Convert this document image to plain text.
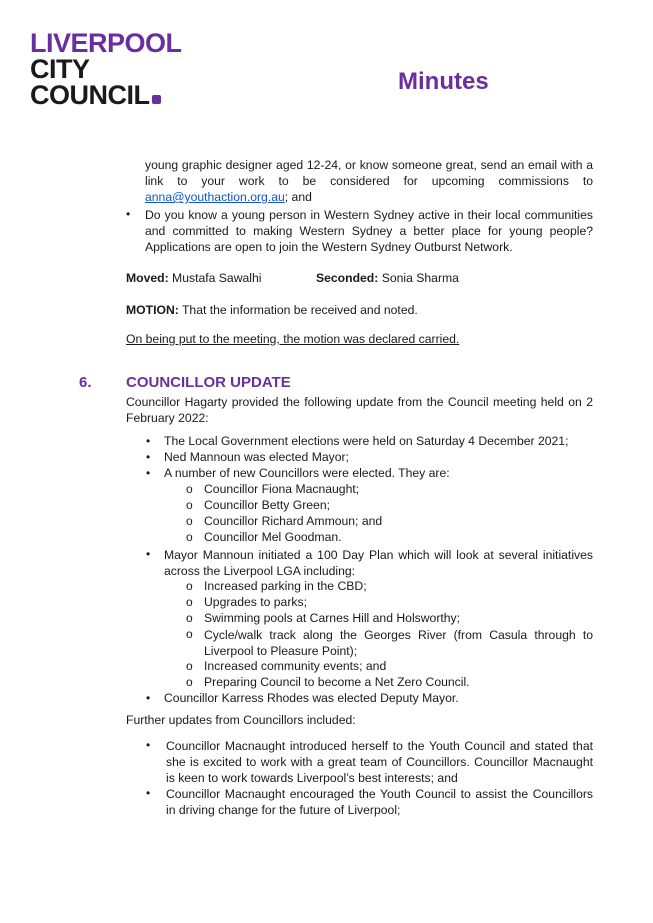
LIVERPOOL
CITY
COUNCIL	Minutes
young graphic designer aged 12-24, or know someone great, send an email with a link to your work to be considered for upcoming commissions to anna@youthaction.org.au; and
• Do you know a young person in Western Sydney active in their local communities and committed to making Western Sydney a better place for young people? Applications are open to join the Western Sydney Outburst Network.
Moved: Mustafa Sawalhi	Seconded: Sonia Sharma
MOTION: That the information be received and noted.
On being put to the meeting, the motion was declared carried.
6. COUNCILLOR UPDATE
Councillor Hagarty provided the following update from the Council meeting held on 2 February 2022:
• The Local Government elections were held on Saturday 4 December 2021;
• Ned Mannoun was elected Mayor;
• A number of new Councillors were elected. They are:
o Councillor Fiona Macnaught;
o Councillor Betty Green;
o Councillor Richard Ammoun; and
o Councillor Mel Goodman.
• Mayor Mannoun initiated a 100 Day Plan which will look at several initiatives across the Liverpool LGA including:
o Increased parking in the CBD;
o Upgrades to parks;
o Swimming pools at Carnes Hill and Holsworthy;
o Cycle/walk track along the Georges River (from Casula through to Liverpool to Pleasure Point);
o Increased community events; and
o Preparing Council to become a Net Zero Council.
• Councillor Karress Rhodes was elected Deputy Mayor.
Further updates from Councillors included:
• Councillor Macnaught introduced herself to the Youth Council and stated that she is excited to work with a great team of Councillors. Councillor Macnaught is keen to work towards Liverpool’s best interests; and
• Councillor Macnaught encouraged the Youth Council to assist the Councillors in driving change for the future of Liverpool;
